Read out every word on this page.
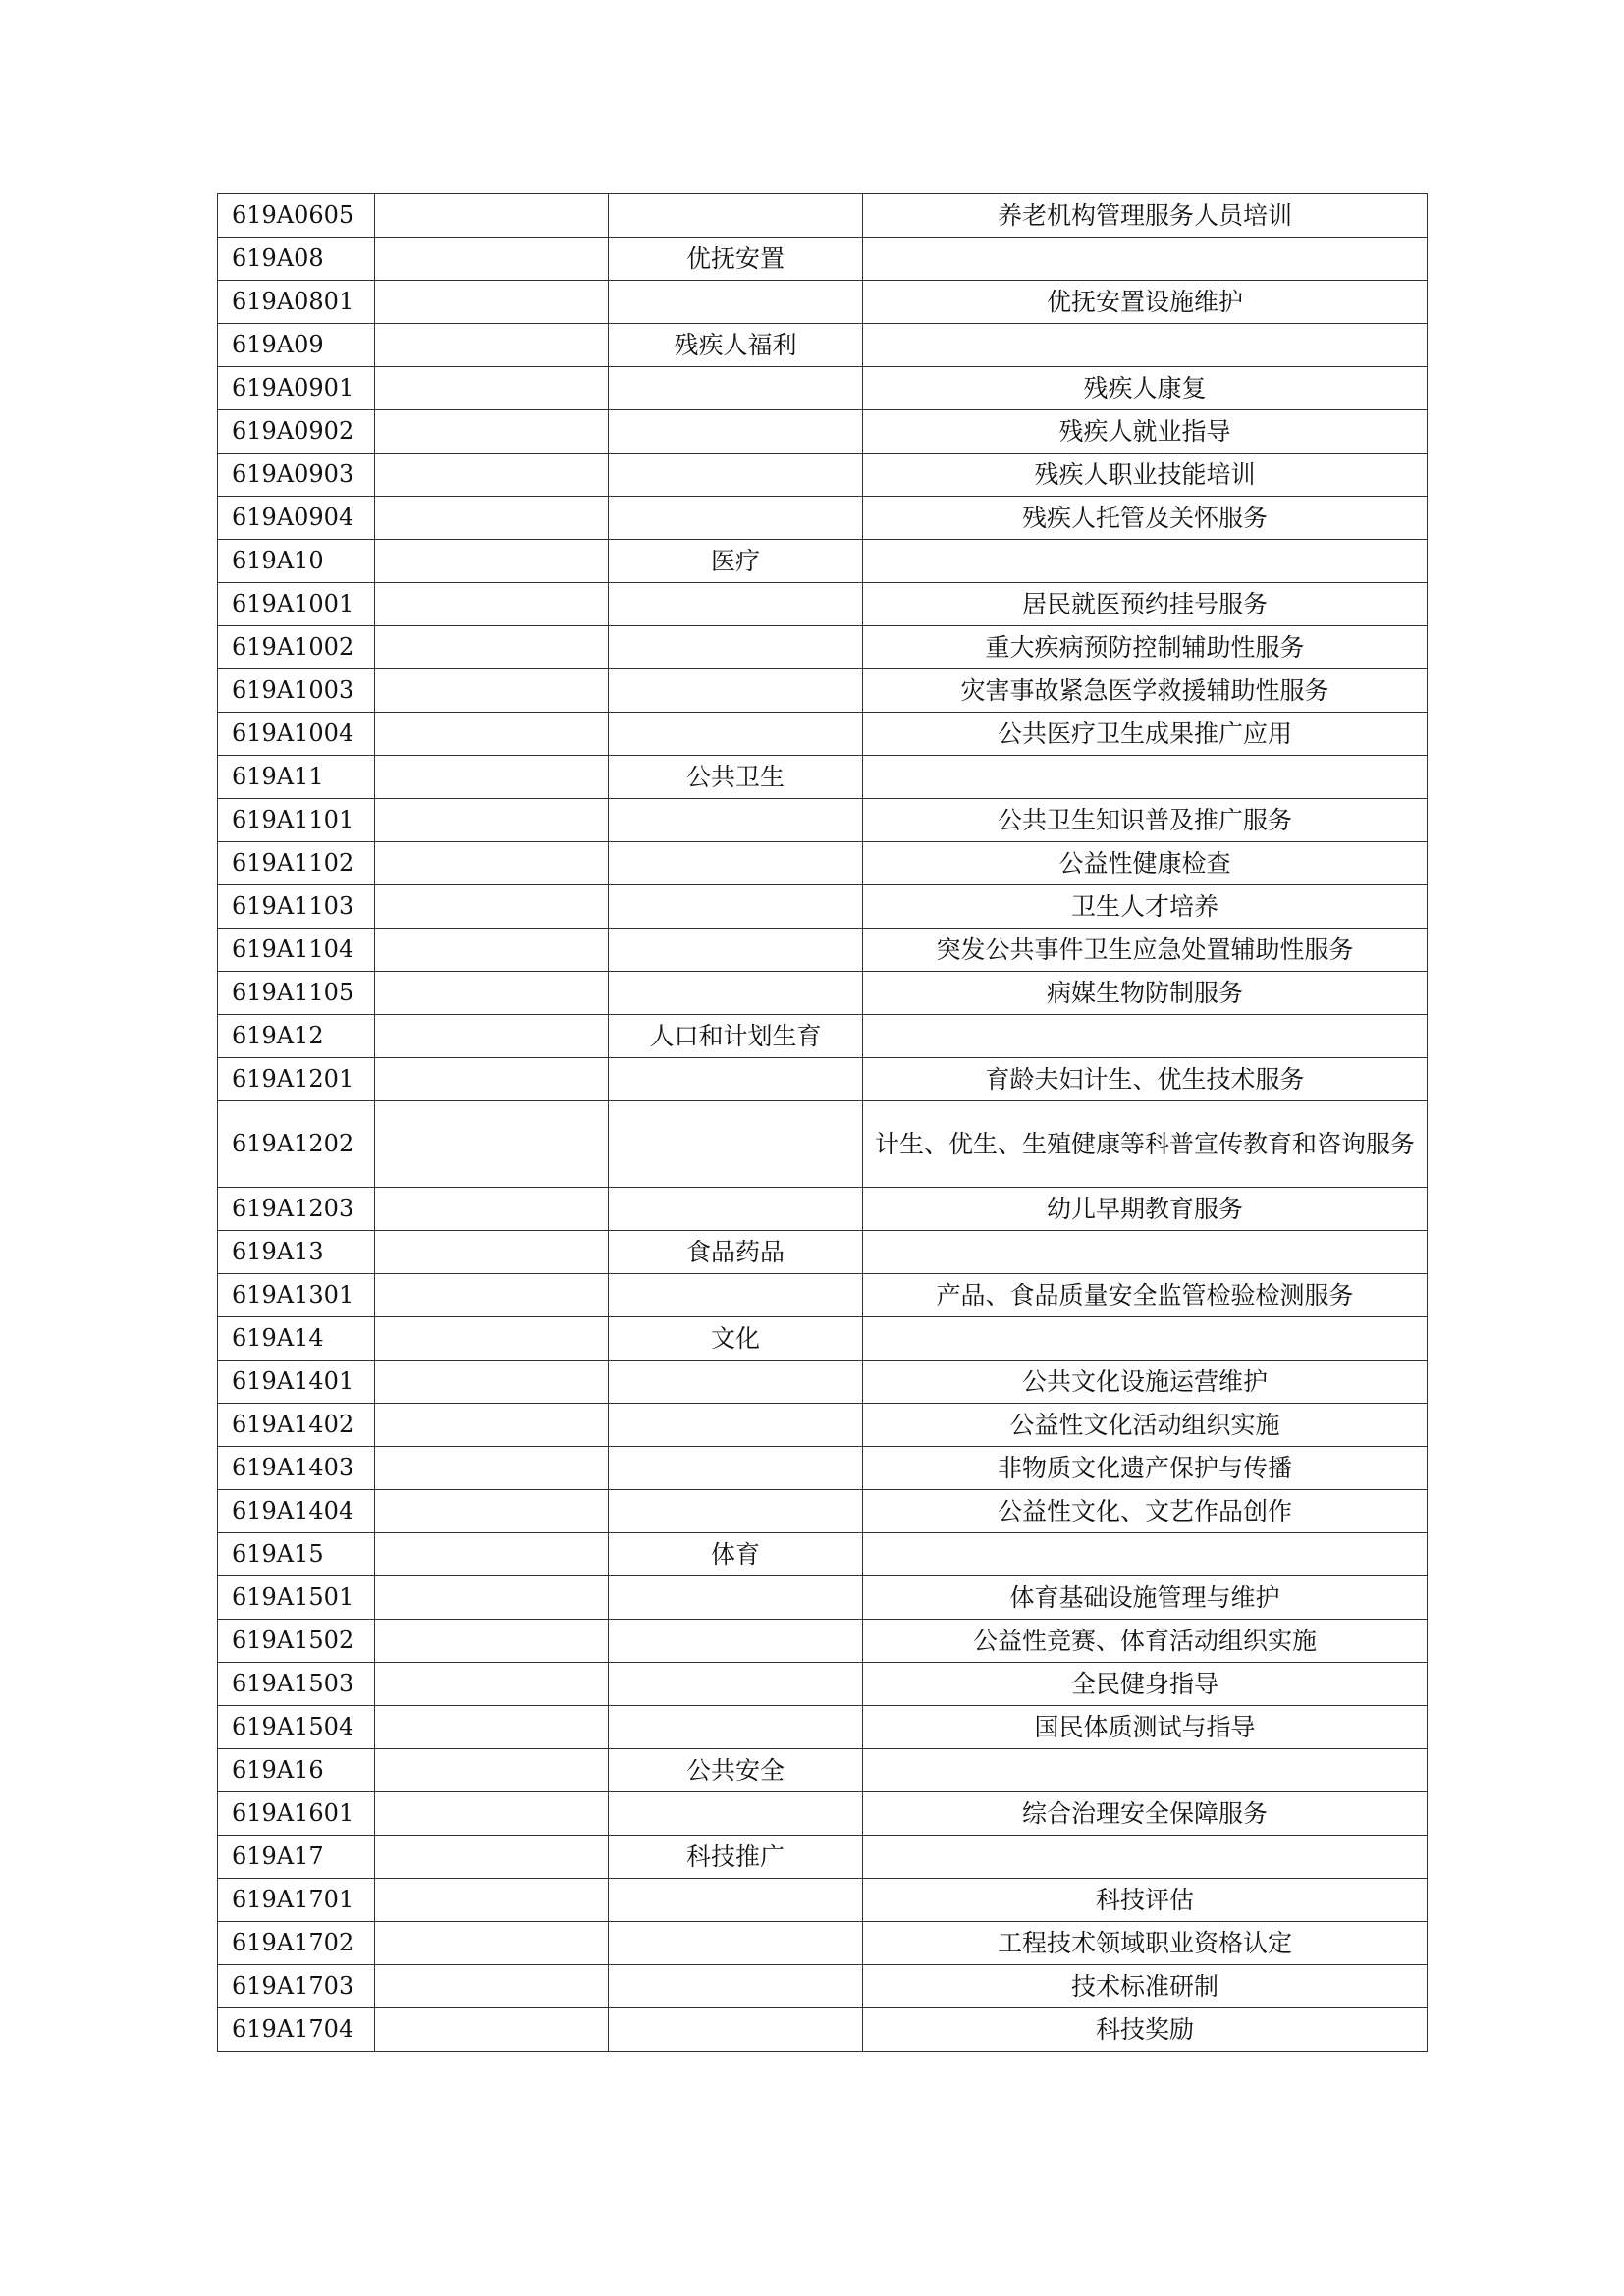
619A0605			养老机构管理服务人员培训
619A08		优抚安置	
619A0801			优抚安置设施维护
619A09		残疾人福利	
619A0901			残疾人康复
619A0902			残疾人就业指导
619A0903			残疾人职业技能培训
619A0904			残疾人托管及关怀服务
619A10		医疗	
619A1001			居民就医预约挂号服务
619A1002			重大疾病预防控制辅助性服务
619A1003			灾害事故紧急医学救援辅助性服务
619A1004			公共医疗卫生成果推广应用
619A11		公共卫生	
619A1101			公共卫生知识普及推广服务
619A1102			公益性健康检查
619A1103			卫生人才培养
619A1104			突发公共事件卫生应急处置辅助性服务
619A1105			病媒生物防制服务
619A12		人口和计划生育	
619A1201			育龄夫妇计生、优生技术服务
619A1202			计生、优生、生殖健康等科普宣传教育和咨询服务
619A1203			幼儿早期教育服务
619A13		食品药品	
619A1301			产品、食品质量安全监管检验检测服务
619A14		文化	
619A1401			公共文化设施运营维护
619A1402			公益性文化活动组织实施
619A1403			非物质文化遗产保护与传播
619A1404			公益性文化、文艺作品创作
619A15		体育	
619A1501			体育基础设施管理与维护
619A1502			公益性竞赛、体育活动组织实施
619A1503			全民健身指导
619A1504			国民体质测试与指导
619A16		公共安全	
619A1601			综合治理安全保障服务
619A17		科技推广	
619A1701			科技评估
619A1702			工程技术领域职业资格认定
619A1703			技术标准研制
619A1704			科技奖励
